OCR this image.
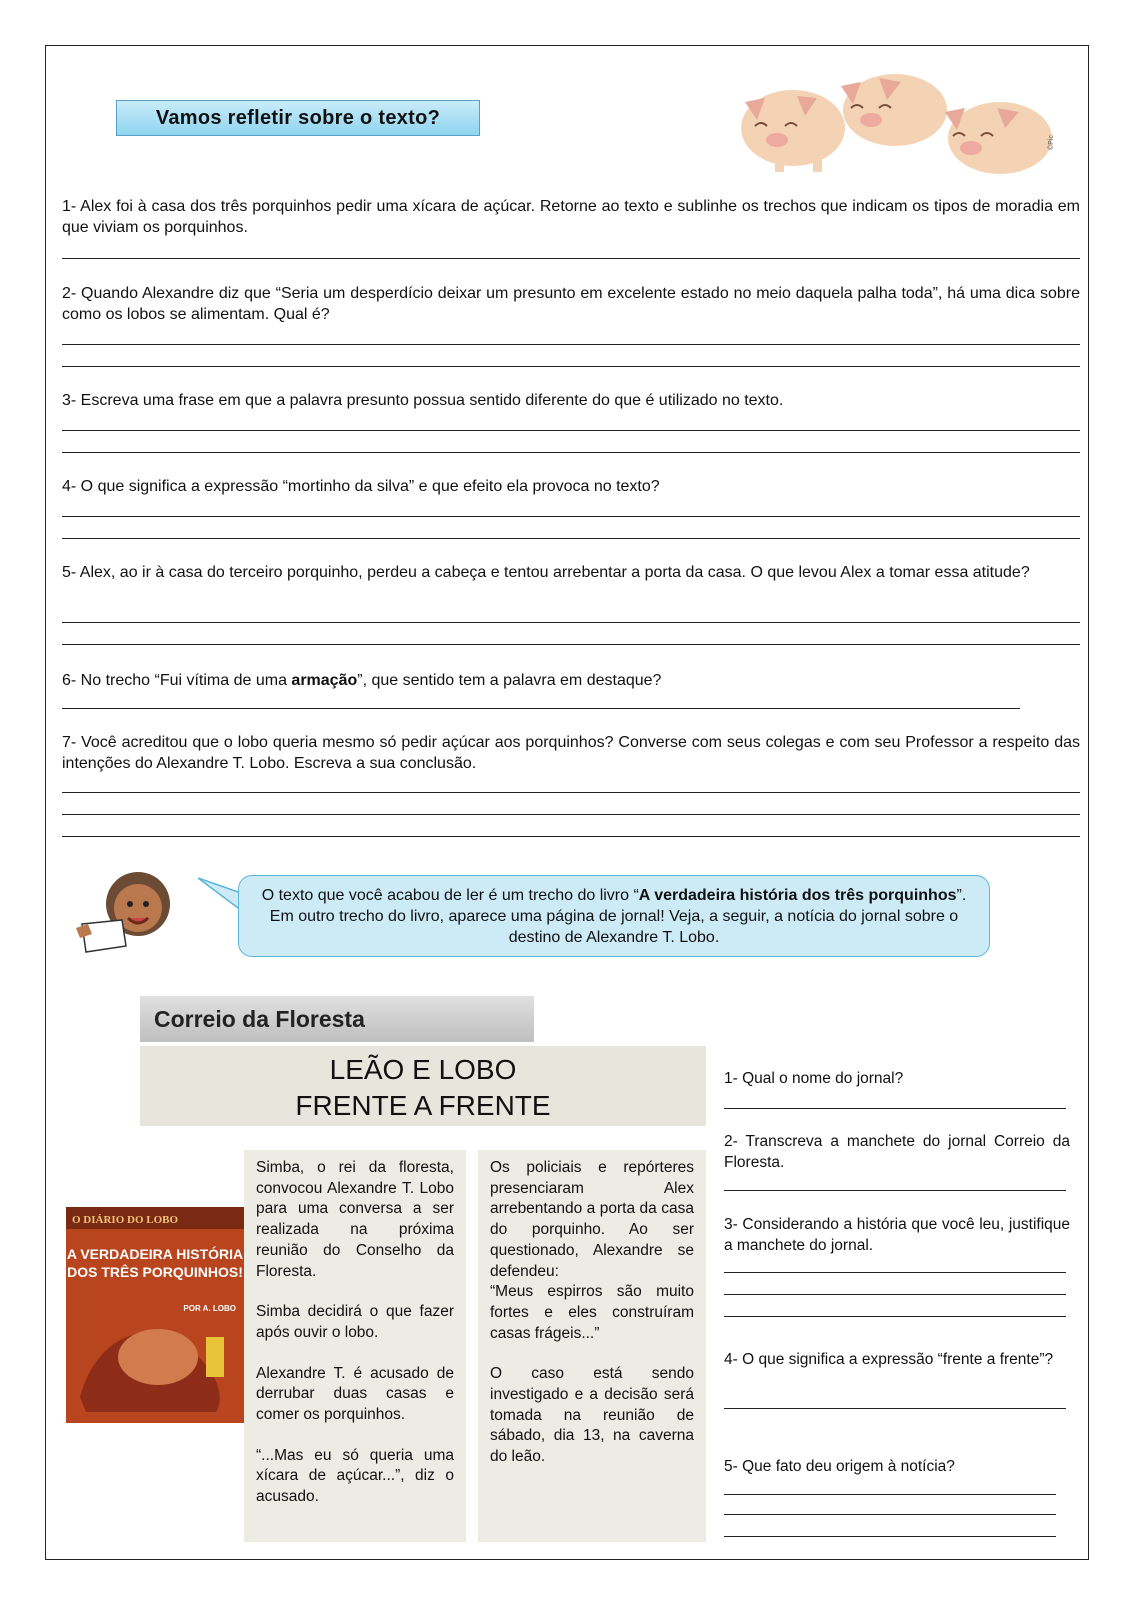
Vamos refletir sobre o texto?
©Pic
1- Alex foi à casa dos três porquinhos pedir uma xícara de açúcar. Retorne ao texto e sublinhe os trechos que indicam os tipos de moradia em que viviam os porquinhos.
2- Quando Alexandre diz que “Seria um desperdício deixar um presunto em excelente estado no meio daquela palha toda”, há uma dica sobre como os lobos se alimentam. Qual é?
3- Escreva uma frase em que a palavra presunto possua sentido diferente do que é utilizado no texto.
4- O que significa a expressão “mortinho da silva” e que efeito ela provoca no texto?
5- Alex, ao ir à casa do terceiro porquinho, perdeu a cabeça e tentou arrebentar a porta da casa. O que levou Alex a tomar essa atitude?
6- No trecho “Fui vítima de uma armação”, que sentido tem a palavra em destaque?
7- Você acreditou que o lobo queria mesmo só pedir açúcar aos porquinhos? Converse com seus colegas e com seu Professor a respeito das intenções do Alexandre T. Lobo. Escreva a sua conclusão.
O texto que você acabou de ler é um trecho do livro “A verdadeira história dos três porquinhos”. Em outro trecho do livro, aparece uma página de jornal! Veja, a seguir, a notícia do jornal sobre o destino de Alexandre T. Lobo.
Correio da Floresta
LEÃO E LOBO
FRENTE A FRENTE
O DIÁRIO DO LOBO
A VERDADEIRA HISTÓRIA
DOS TRÊS PORQUINHOS!
POR A. LOBO

Simba, o rei da floresta, convocou Alexandre T. Lobo para uma conversa a ser realizada na próxima reunião do Conselho da Floresta.

Simba decidirá o que fazer após ouvir o lobo.

Alexandre T. é acusado de derrubar duas casas e comer os porquinhos.

“...Mas eu só queria uma xícara de açúcar...”, diz o acusado.

Os policiais e repórteres presenciaram Alex arrebentando a porta da casa do porquinho. Ao ser questionado, Alexandre se defendeu:
“Meus espirros são muito fortes e eles construíram casas frágeis...”

O caso está sendo investigado e a decisão será tomada na reunião de sábado, dia 13, na caverna do leão.

1- Qual o nome do jornal?
2- Transcreva a manchete do jornal Correio da Floresta.
3- Considerando a história que você leu, justifique a manchete do jornal.
4- O que significa a expressão “frente a frente”?
5- Que fato deu origem à notícia?
